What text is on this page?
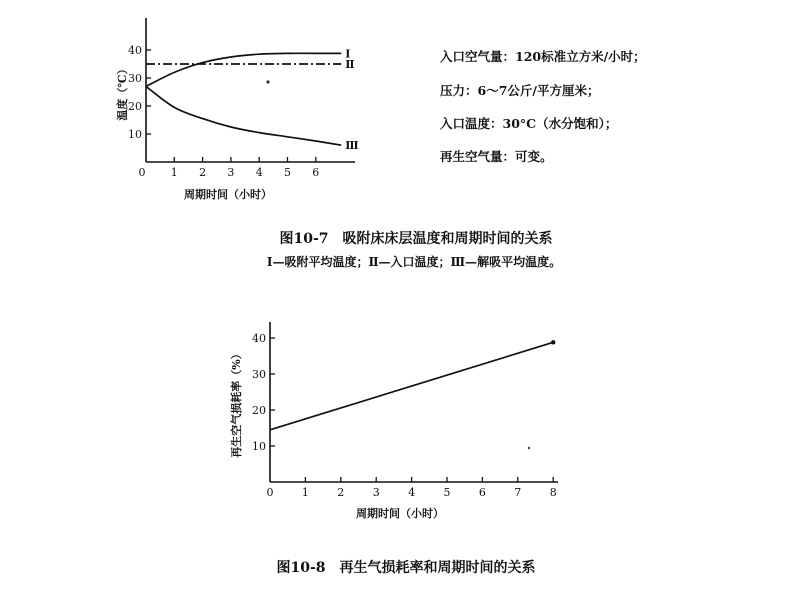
10
20
30
40
0 1 2 3 4 5 6
Ⅰ
Ⅱ
Ⅲ
温度（℃）
周期时间（小时）
入口空气量：120标准立方米/小时；
压力：6～7公斤/平方厘米；
入口温度：30°C（水分饱和）；
再生空气量：可变。
图10-7　吸附床床层温度和周期时间的关系
Ⅰ—吸附平均温度；Ⅱ—入口温度；Ⅲ—解吸平均温度。
10
20
30
40
0	1	2	3	4	5	6	7	8
再生空气损耗率（%）
周期时间（小时）
图10-8　再生气损耗率和周期时间的关系
